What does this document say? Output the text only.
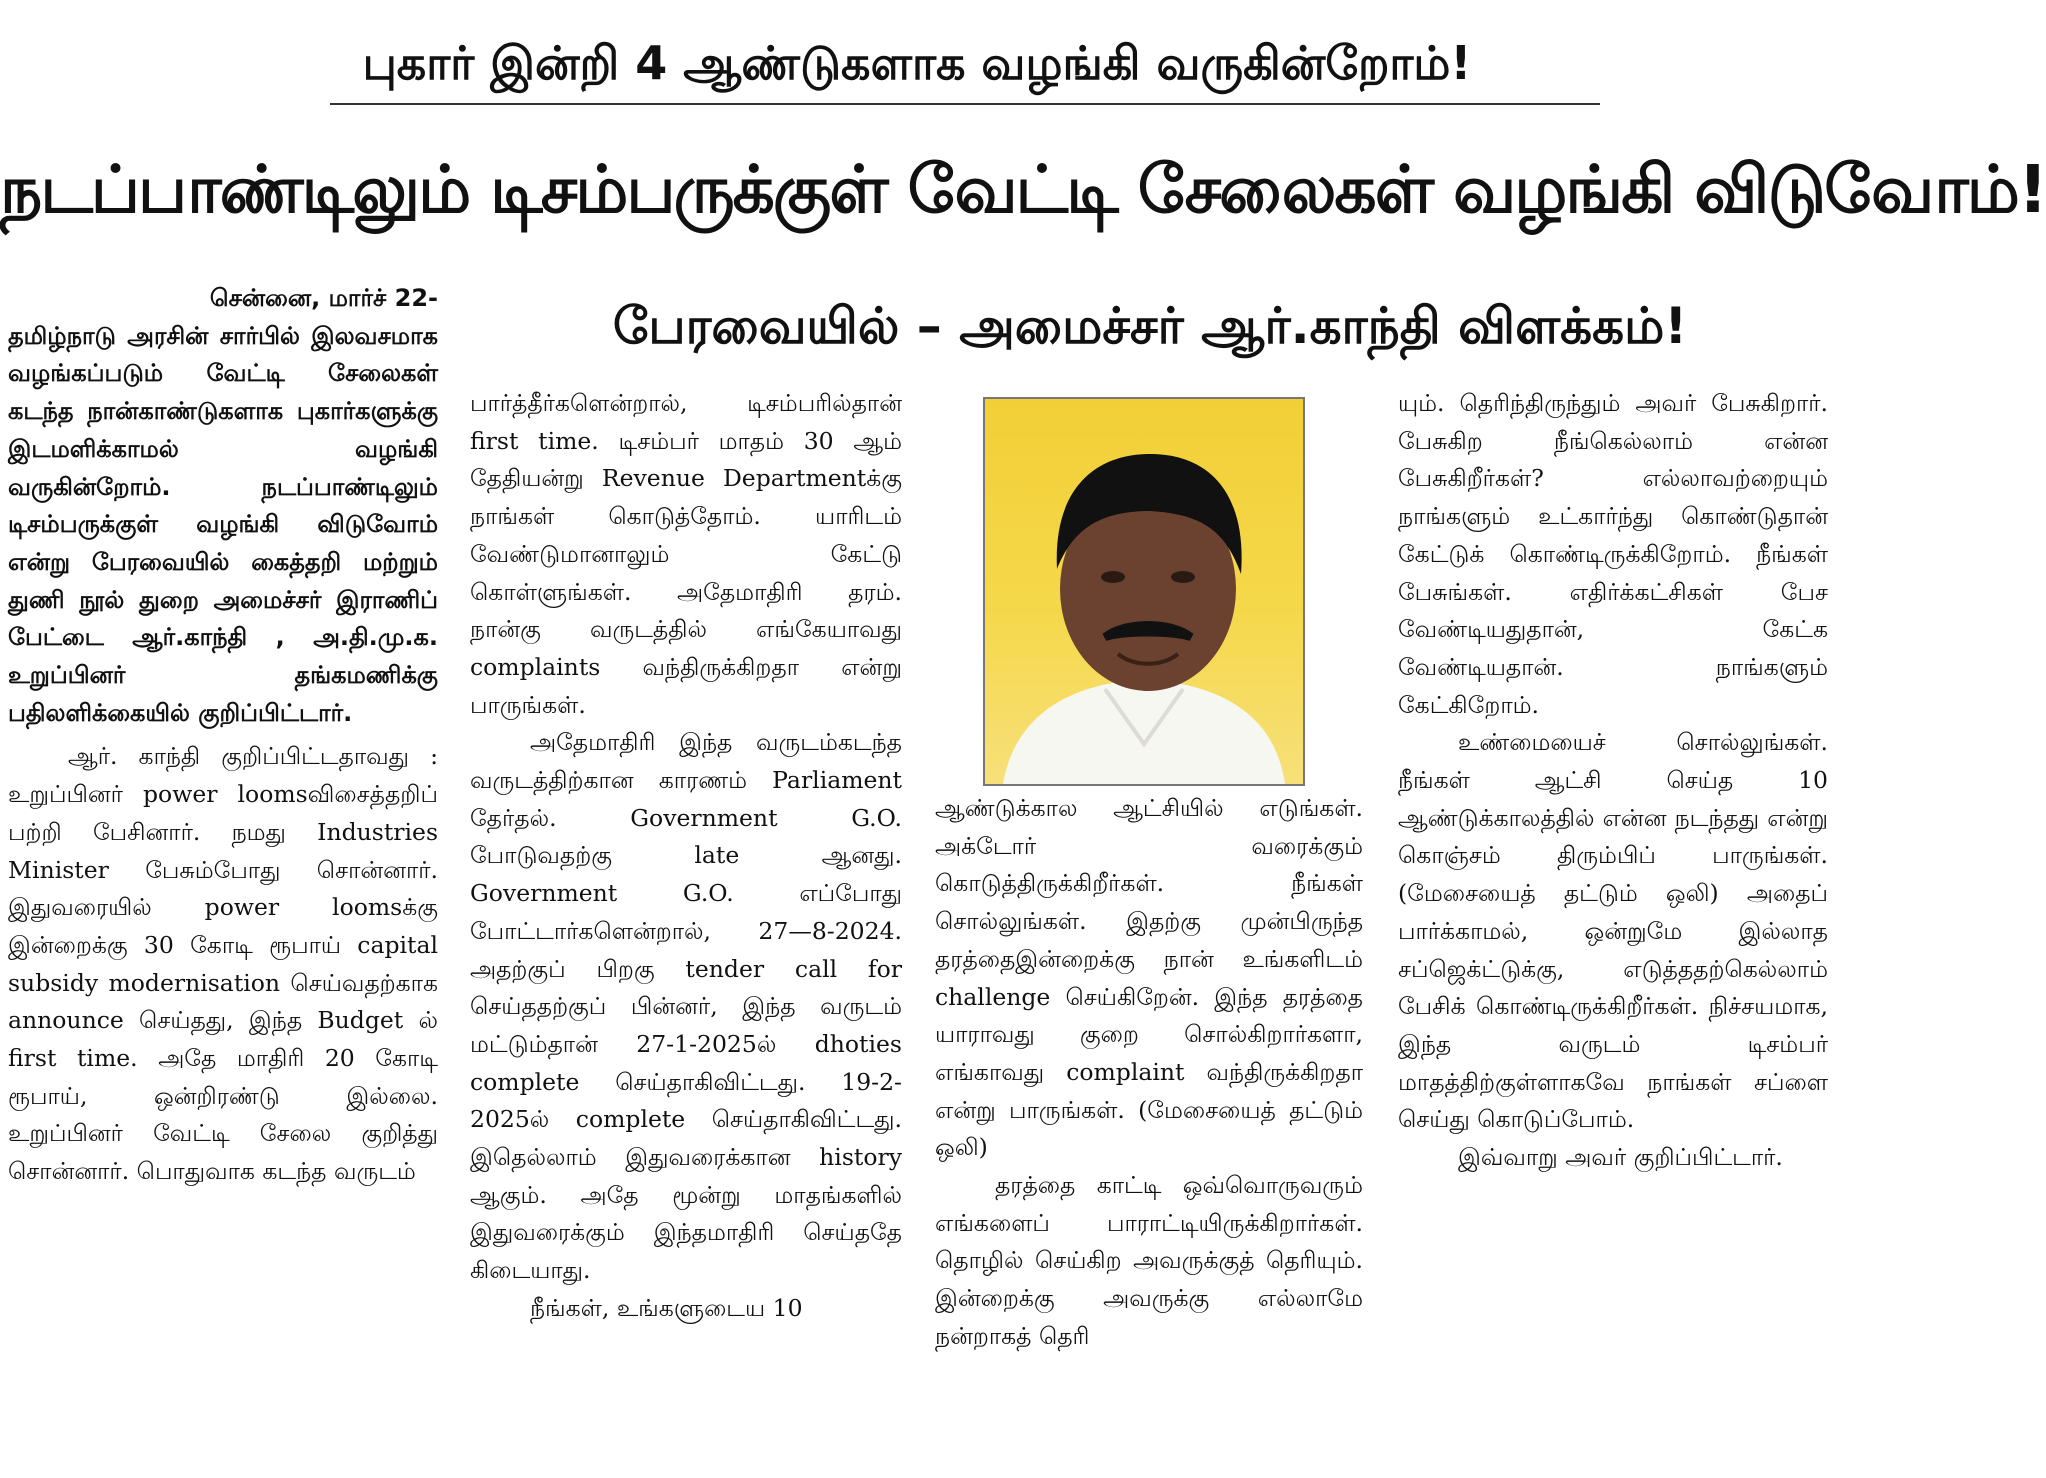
புகார் இன்றி 4 ஆண்டுகளாக வழங்கி வருகின்றோம்!
நடப்பாண்டிலும் டிசம்பருக்குள் வேட்டி சேலைகள் வழங்கி விடுவோம்!
பேரவையில் – அமைச்சர் ஆர்.காந்தி விளக்கம்!

சென்னை, மார்ச் 22-

தமிழ்நாடு அரசின் சார்பில் இலவசமாக வழங்கப்படும் வேட்டி சேலைகள் கடந்த நான்காண்டுகளாக புகார்களுக்கு இடமளிக்காமல் வழங்கி வருகின்றோம். நடப்பாண்டிலும் டிசம்பருக்குள் வழங்கி விடுவோம் என்று பேரவையில் கைத்தறி மற்றும் துணி நூல் துறை அமைச்சர் இராணிப் பேட்டை ஆர்.காந்தி , அ.தி.மு.க. உறுப்பினர் தங்கமணிக்கு பதிலளிக்கையில் குறிப்பிட்டார்.

ஆர். காந்தி குறிப்பிட்டதாவது : உறுப்பினர் power loomsவிசைத்தறிப் பற்றி பேசினார். நமது Industries Minister பேசும்போது சொன்னார். இதுவரையில் power loomsக்கு இன்றைக்கு 30 கோடி ரூபாய் capital subsidy modernisation செய்வதற்காக announce செய்தது, இந்த Budget ல் first time. அதே மாதிரி 20 கோடி ரூபாய், ஒன்றிரண்டு இல்லை. உறுப்பினர் வேட்டி சேலை குறித்து சொன்னார். பொதுவாக கடந்த வருடம்

பார்த்தீர்களென்றால், டிசம்பரில்தான் first time. டிசம்பர் மாதம் 30 ஆம் தேதியன்று Revenue Departmentக்கு நாங்கள் கொடுத்தோம். யாரிடம் வேண்டுமானாலும் கேட்டு கொள்ளுங்கள். அதேமாதிரி தரம். நான்கு வருடத்தில் எங்கேயாவது complaints வந்திருக்கிறதா என்று பாருங்கள்.

அதேமாதிரி இந்த வருடம்கடந்த வருடத்திற்கான காரணம் Parliament தேர்தல். Government G.O. போடுவதற்கு late ஆனது. Government G.O. எப்போது போட்டார்களென்றால், 27—8-2024. அதற்குப் பிறகு tender call for செய்ததற்குப் பின்னர், இந்த வருடம் மட்டும்தான் 27-1-2025ல் dhoties complete செய்தாகிவிட்டது. 19-2-2025ல் complete செய்தாகிவிட்டது. இதெல்லாம் இதுவரைக்கான history ஆகும். அதே மூன்று மாதங்களில் இதுவரைக்கும் இந்தமாதிரி செய்ததே கிடையாது.

நீங்கள், உங்களுடைய 10

ஆண்டுக்கால ஆட்சியில் எடுங்கள். அக்டோர் வரைக்கும் கொடுத்திருக்கிறீர்கள். நீங்கள் சொல்லுங்கள். இதற்கு முன்பிருந்த தரத்தைஇன்றைக்கு நான் உங்களிடம் challenge செய்கிறேன். இந்த தரத்தை யாராவது குறை சொல்கிறார்களா, எங்காவது complaint வந்திருக்கிறதா என்று பாருங்கள். (மேசையைத் தட்டும் ஒலி)

தரத்தை காட்டி ஒவ்வொருவரும் எங்களைப் பாராட்டியிருக்கிறார்கள். தொழில் செய்கிற அவருக்குத் தெரியும். இன்றைக்கு அவருக்கு எல்லாமே நன்றாகத் தெரி

யும். தெரிந்திருந்தும் அவர் பேசுகிறார். பேசுகிற நீங்கெல்லாம் என்ன பேசுகிறீர்கள்? எல்லாவற்றையும் நாங்களும் உட்கார்ந்து கொண்டுதான் கேட்டுக் கொண்டிருக்கிறோம். நீங்கள் பேசுங்கள். எதிர்க்கட்சிகள் பேச வேண்டியதுதான், கேட்க வேண்டியதான். நாங்களும் கேட்கிறோம்.

உண்மையைச் சொல்லுங்கள். நீங்கள் ஆட்சி செய்த 10 ஆண்டுக்காலத்தில் என்ன நடந்தது என்று கொஞ்சம் திரும்பிப் பாருங்கள். (மேசையைத் தட்டும் ஒலி) அதைப் பார்க்காமல், ஒன்றுமே இல்லாத சப்ஜெக்ட்டுக்கு, எடுத்ததற்கெல்லாம் பேசிக் கொண்டிருக்கிறீர்கள். நிச்சயமாக, இந்த வருடம் டிசம்பர் மாதத்திற்குள்ளாகவே நாங்கள் சப்ளை செய்து கொடுப்போம்.

இவ்வாறு அவர் குறிப்பிட்டார்.
